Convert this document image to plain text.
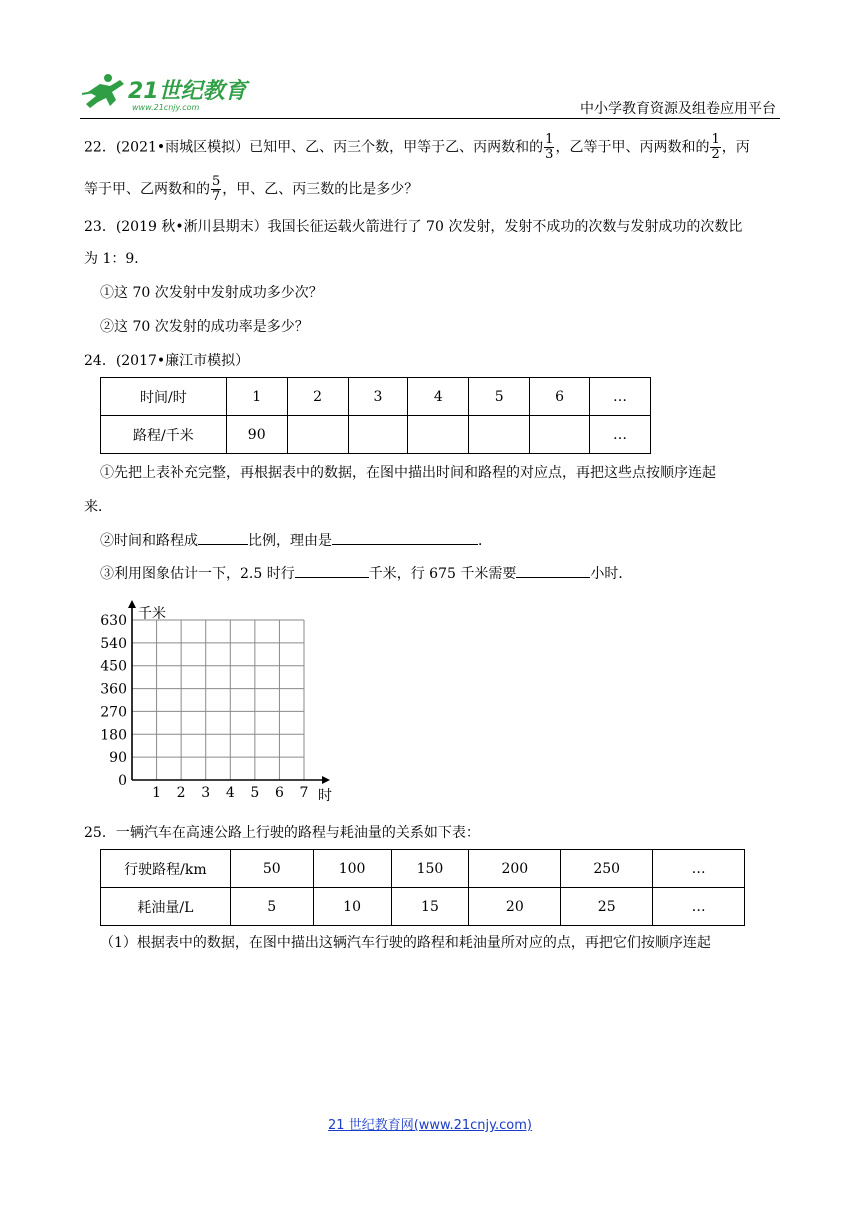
21世纪教育
www.21cnjy.com	中小学教育资源及组卷应用平台
22．(2021•雨城区模拟）已知甲、乙、丙三个数，甲等于乙、丙两数和的 $\frac{1}{3}$ ，乙等于甲、丙两数和的 $\frac{1}{2}$ ，丙
等于甲、乙两数和的 $\frac{5}{7}$ ，甲、乙、丙三数的比是多少？
23．(2019 秋•淅川县期末）我国长征运载火箭进行了 70 次发射，发射不成功的次数与发射成功的次数比
为 1：9．
①这 70 次发射中发射成功多少次？
②这 70 次发射的成功率是多少？
24．(2017•廉江市模拟）
时间/时	1	2	3	4	5	6	…
路程/千米	90						…
①先把上表补充完整，再根据表中的数据，在图中描出时间和路程的对应点，再把这些点按顺序连起
来．
②时间和路程成	比例，理由是	．
③利用图象估计一下，2.5 时行	千米，行 675 千米需要	小时．
1 2 3 4 5 6 7
0
90
180
270
360
450
540
630
时
千米
25．一辆汽车在高速公路上行驶的路程与耗油量的关系如下表：
行驶路程/km	50	100	150	200	250	…
耗油量/L	5	10	15	20	25	…
（1）根据表中的数据，在图中描出这辆汽车行驶的路程和耗油量所对应的点，再把它们按顺序连起
21 世纪教育网(www.21cnjy.com)
